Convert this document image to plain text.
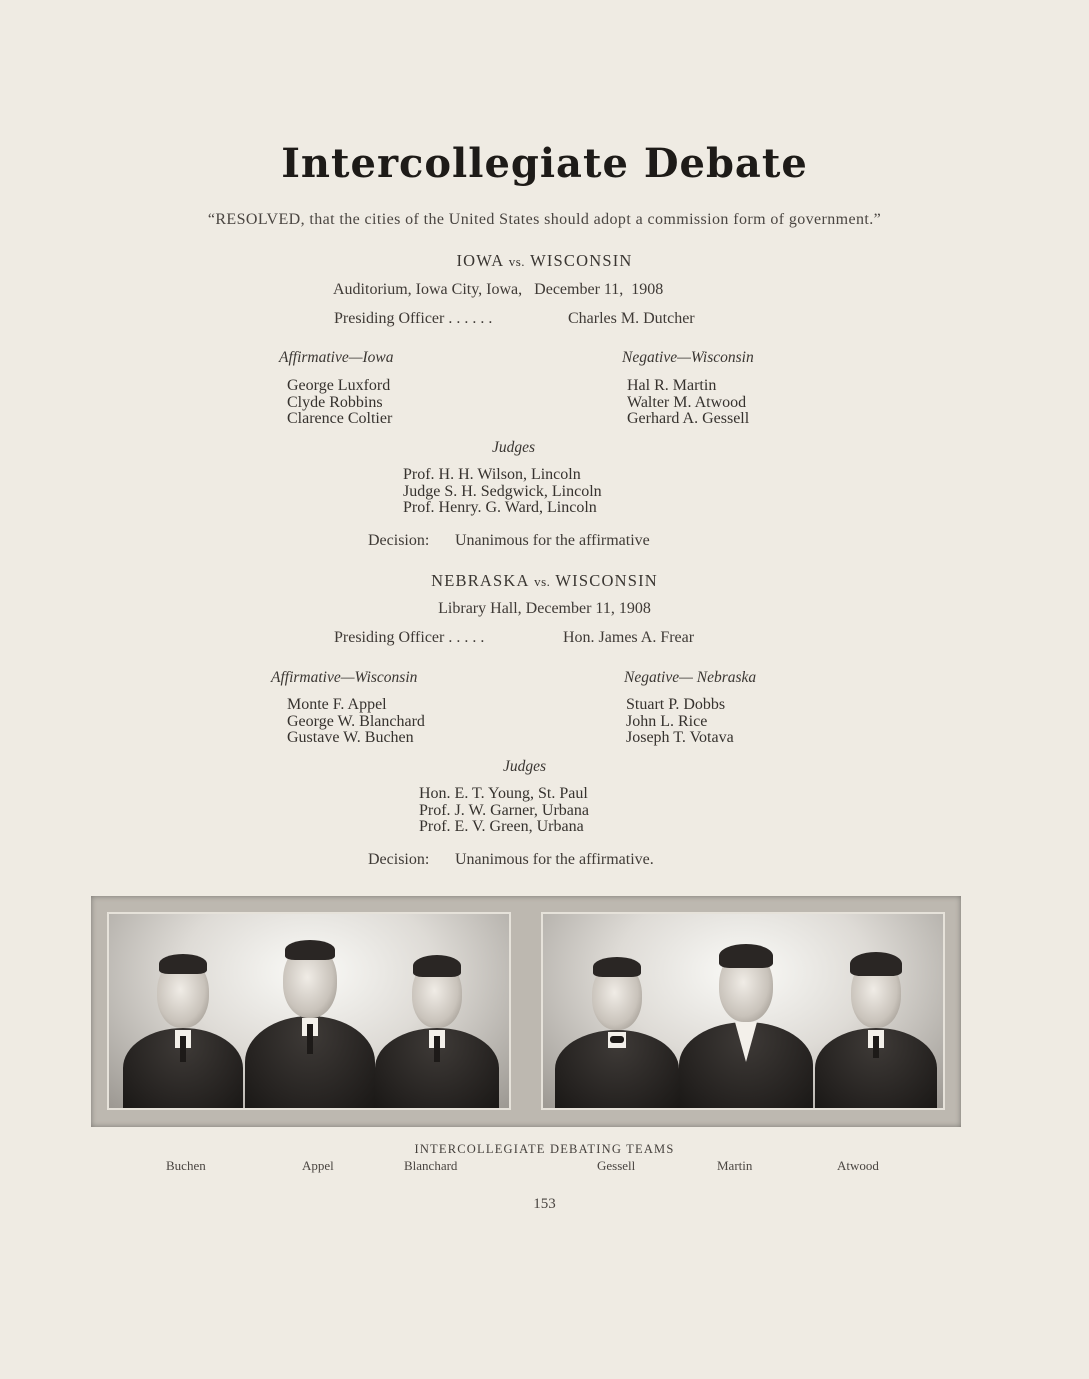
Intercollegiate Debate
“RESOLVED, that the cities of the United States should adopt a commission form of government.”
IOWA vs. WISCONSIN
Auditorium, Iowa City, Iowa,   December 11,  1908
Presiding Officer . . . . . .	Charles M. Dutcher
Affirmative—Iowa	Negative—Wisconsin
George Luxford
Clyde Robbins
Clarence Coltier
Hal R. Martin
Walter M. Atwood
Gerhard A. Gessell
Judges
Prof. H. H. Wilson, Lincoln
Judge S. H. Sedgwick, Lincoln
Prof. Henry. G. Ward, Lincoln
Decision: Unanimous for the affirmative
NEBRASKA vs. WISCONSIN
Library Hall, December 11, 1908
Presiding Officer . . . . .	Hon. James A. Frear
Affirmative—Wisconsin	Negative— Nebraska
Monte F. Appel
George W. Blanchard
Gustave W. Buchen
Stuart P. Dobbs
John L. Rice
Joseph T. Votava
Judges
Hon. E. T. Young, St. Paul
Prof. J. W. Garner, Urbana
Prof. E. V. Green, Urbana
Decision: Unanimous for the affirmative.
INTERCOLLEGIATE DEBATING TEAMS
Buchen	Appel	Blanchard	Gessell	Martin	Atwood
153
